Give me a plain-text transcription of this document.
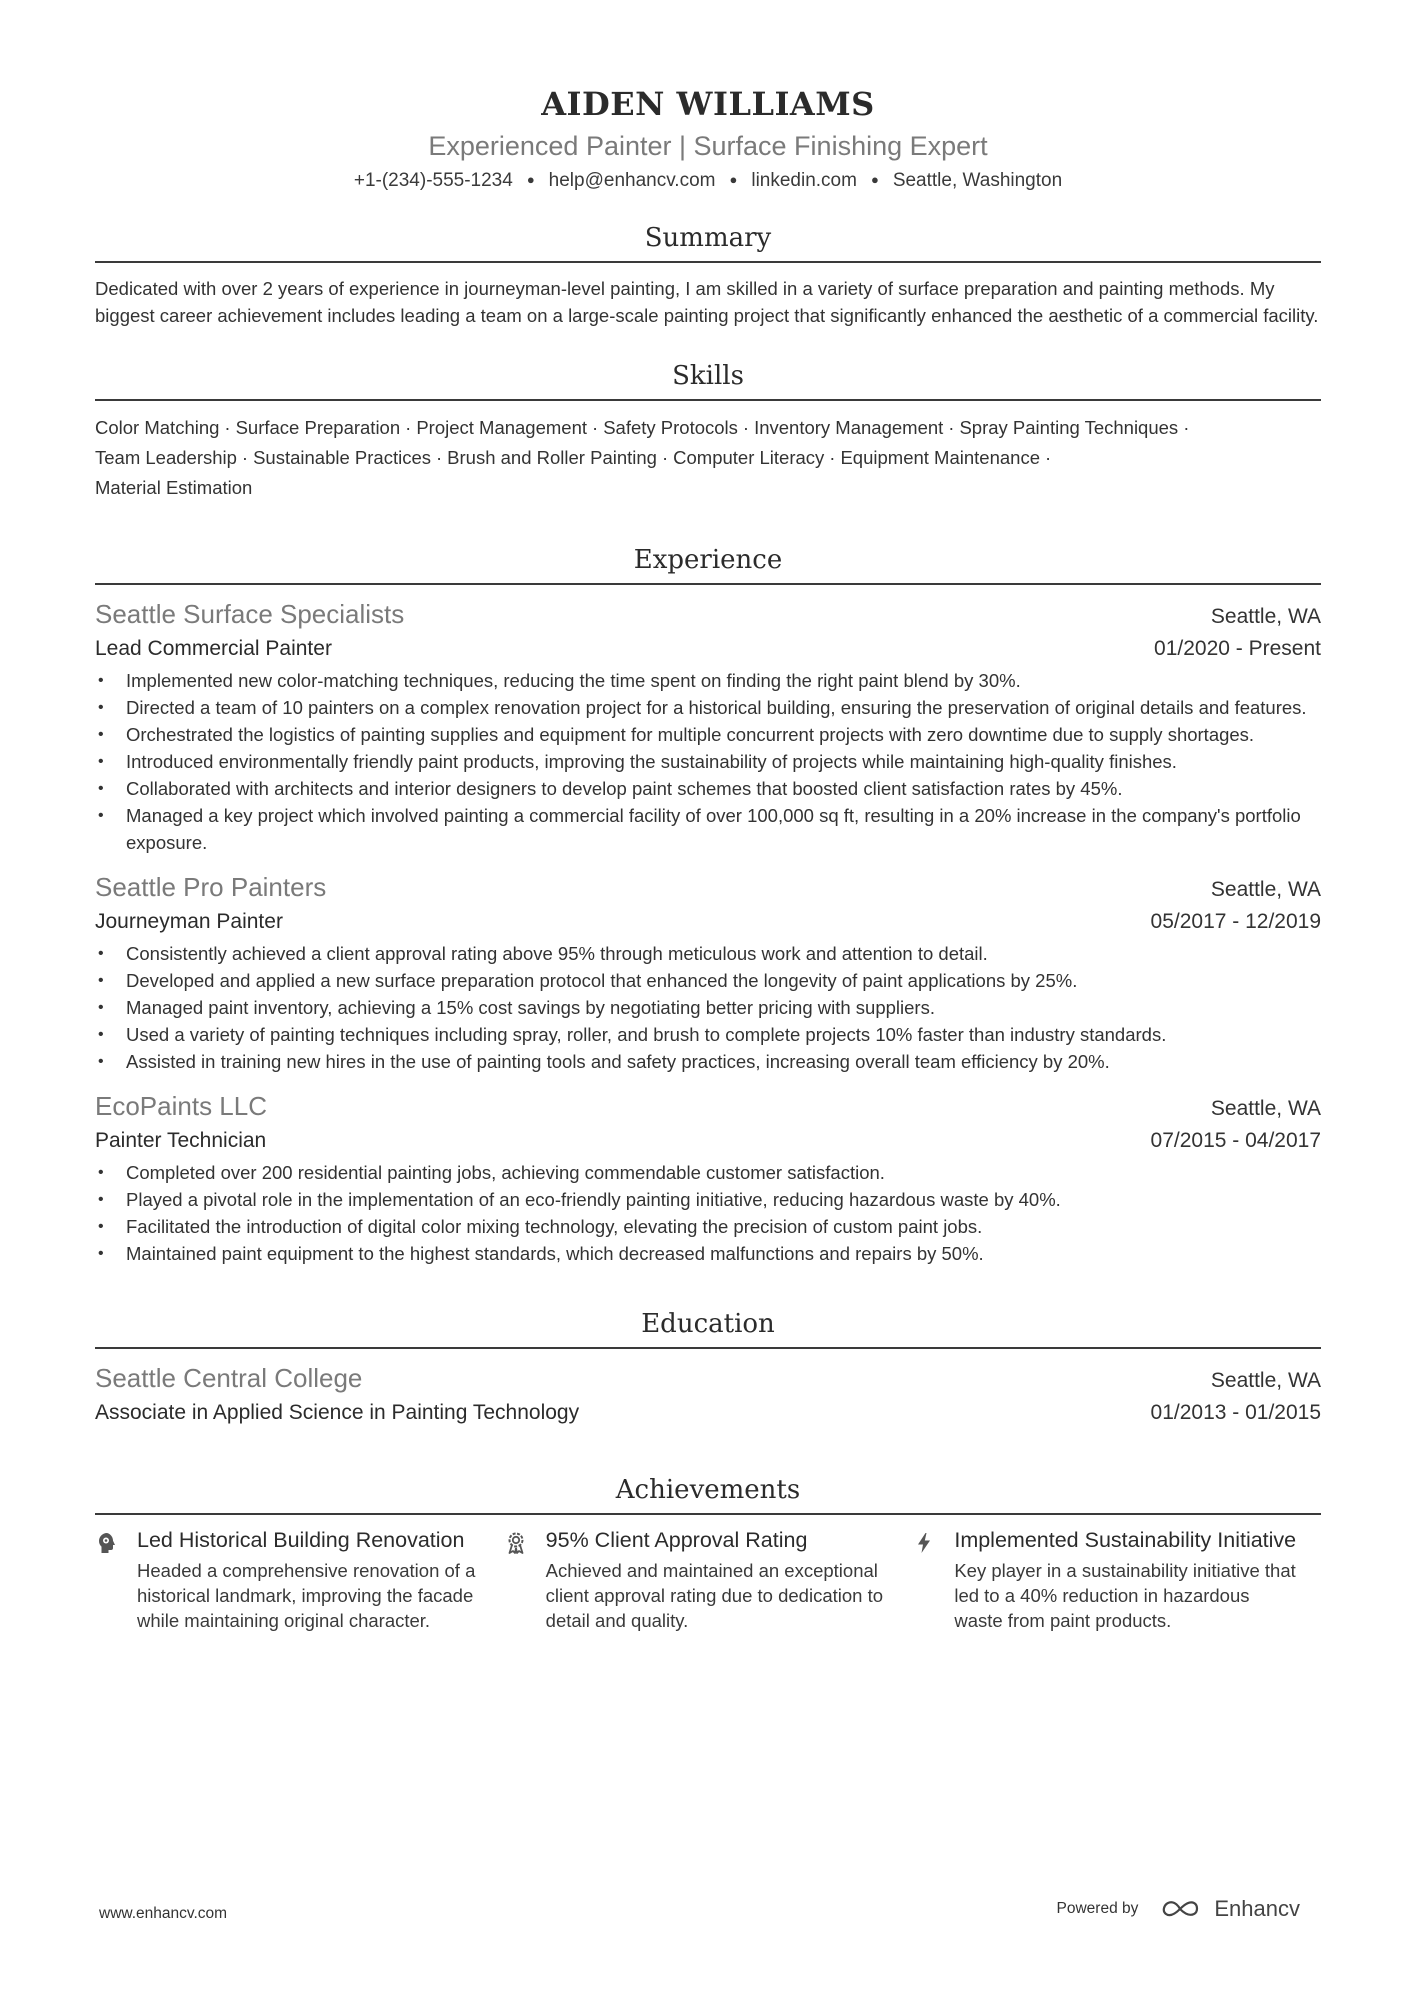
AIDEN WILLIAMS
Experienced Painter | Surface Finishing Expert
+1-(234)-555-1234 ● help@enhancv.com ● linkedin.com ● Seattle, Washington
Summary
Dedicated with over 2 years of experience in journeyman-level painting, I am skilled in a variety of surface preparation and painting methods. My biggest career achievement includes leading a team on a large-scale painting project that significantly enhanced the aesthetic of a commercial facility.
Skills
Color Matching · Surface Preparation · Project Management · Safety Protocols · Inventory Management · Spray Painting Techniques ·
Team Leadership · Sustainable Practices · Brush and Roller Painting · Computer Literacy · Equipment Maintenance ·
Material Estimation
Experience
Seattle Surface Specialists	Seattle, WA
Lead Commercial Painter	01/2020 - Present
• Implemented new color-matching techniques, reducing the time spent on finding the right paint blend by 30%.
• Directed a team of 10 painters on a complex renovation project for a historical building, ensuring the preservation of original details and features.
• Orchestrated the logistics of painting supplies and equipment for multiple concurrent projects with zero downtime due to supply shortages.
• Introduced environmentally friendly paint products, improving the sustainability of projects while maintaining high-quality finishes.
• Collaborated with architects and interior designers to develop paint schemes that boosted client satisfaction rates by 45%.
• Managed a key project which involved painting a commercial facility of over 100,000 sq ft, resulting in a 20% increase in the company's portfolio exposure.
Seattle Pro Painters	Seattle, WA
Journeyman Painter	05/2017 - 12/2019
• Consistently achieved a client approval rating above 95% through meticulous work and attention to detail.
• Developed and applied a new surface preparation protocol that enhanced the longevity of paint applications by 25%.
• Managed paint inventory, achieving a 15% cost savings by negotiating better pricing with suppliers.
• Used a variety of painting techniques including spray, roller, and brush to complete projects 10% faster than industry standards.
• Assisted in training new hires in the use of painting tools and safety practices, increasing overall team efficiency by 20%.
EcoPaints LLC	Seattle, WA
Painter Technician	07/2015 - 04/2017
• Completed over 200 residential painting jobs, achieving commendable customer satisfaction.
• Played a pivotal role in the implementation of an eco-friendly painting initiative, reducing hazardous waste by 40%.
• Facilitated the introduction of digital color mixing technology, elevating the precision of custom paint jobs.
• Maintained paint equipment to the highest standards, which decreased malfunctions and repairs by 50%.
Education
Seattle Central College	Seattle, WA
Associate in Applied Science in Painting Technology	01/2013 - 01/2015
Achievements
Led Historical Building Renovation
Headed a comprehensive renovation of a historical landmark, improving the facade while maintaining original character.
95% Client Approval Rating
Achieved and maintained an exceptional client approval rating due to dedication to detail and quality.
Implemented Sustainability Initiative
Key player in a sustainability initiative that led to a 40% reduction in hazardous waste from paint products.
www.enhancv.com	Powered by	Enhancv
